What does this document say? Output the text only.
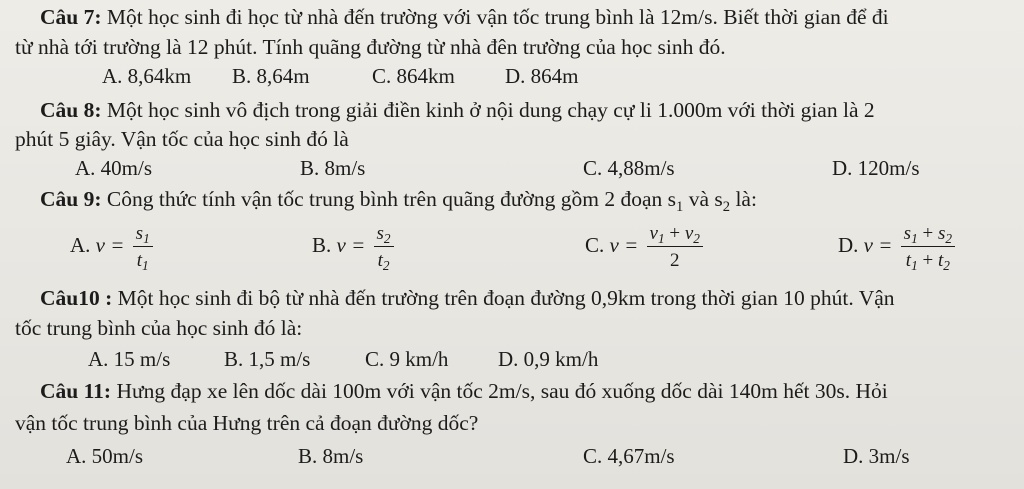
Câu 7: Một học sinh đi học từ nhà đến trường với vận tốc trung bình là 12m/s. Biết thời gian để đi
từ nhà tới trường là 12 phút. Tính quãng đường từ nhà đên trường của học sinh đó.
A. 8,64km B. 8,64m	C. 864km D. 864m
Câu 8: Một học sinh vô địch trong giải điền kinh ở nội dung chạy cự li 1.000m với thời gian là 2
phút 5 giây. Vận tốc của học sinh đó là
A. 40m/s	B. 8m/s	C. 4,88m/s	D. 120m/s
Câu 9: Công thức tính vận tốc trung bình trên quãng đường gồm 2 đoạn $s_1$ và $s_2$ là:
A. $v = \frac{s_1}{t_1}$	B. $v = \frac{s_2}{t_2}$	C. $v = \frac{v_1 + v_2}{2}$	D. $v = \frac{s_1 + s_2}{t_1 + t_2}$
Câu10 : Một học sinh đi bộ từ nhà đến trường trên đoạn đường 0,9km trong thời gian 10 phút. Vận
tốc trung bình của học sinh đó là:
A. 15 m/s	B. 1,5 m/s	C. 9 km/h D. 0,9 km/h
Câu 11: Hưng đạp xe lên dốc dài 100m với vận tốc 2m/s, sau đó xuống dốc dài 140m hết 30s. Hỏi
vận tốc trung bình của Hưng trên cả đoạn đường dốc?
A. 50m/s	B. 8m/s	C. 4,67m/s	D. 3m/s
